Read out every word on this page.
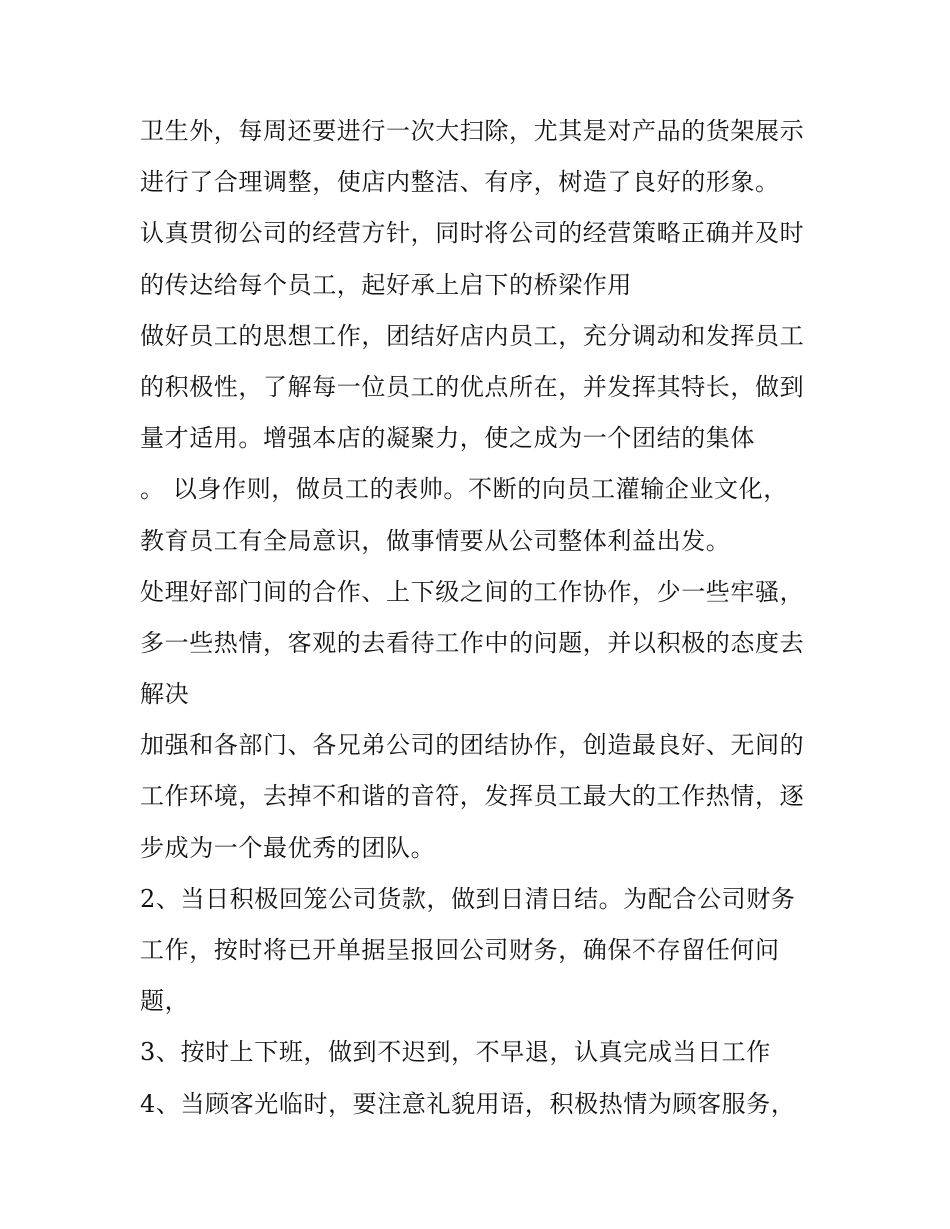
卫生外，每周还要进行一次大扫除，尤其是对产品的货架展示
进行了合理调整，使店内整洁、有序，树造了良好的形象。
认真贯彻公司的经营方针，同时将公司的经营策略正确并及时
的传达给每个员工，起好承上启下的桥梁作用
做好员工的思想工作，团结好店内员工，充分调动和发挥员工
的积极性，了解每一位员工的优点所在，并发挥其特长，做到
量才适用。增强本店的凝聚力，使之成为一个团结的集体
。 以身作则，做员工的表帅。不断的向员工灌输企业文化，
教育员工有全局意识，做事情要从公司整体利益出发。
处理好部门间的合作、上下级之间的工作协作，少一些牢骚，
多一些热情，客观的去看待工作中的问题，并以积极的态度去
解决
加强和各部门、各兄弟公司的团结协作，创造最良好、无间的
工作环境，去掉不和谐的音符，发挥员工最大的工作热情，逐
步成为一个最优秀的团队。
2、当日积极回笼公司货款，做到日清日结。为配合公司财务
工作，按时将已开单据呈报回公司财务，确保不存留任何问
题，
3、按时上下班，做到不迟到，不早退，认真完成当日工作
4、当顾客光临时，要注意礼貌用语，积极热情为顾客服务，
